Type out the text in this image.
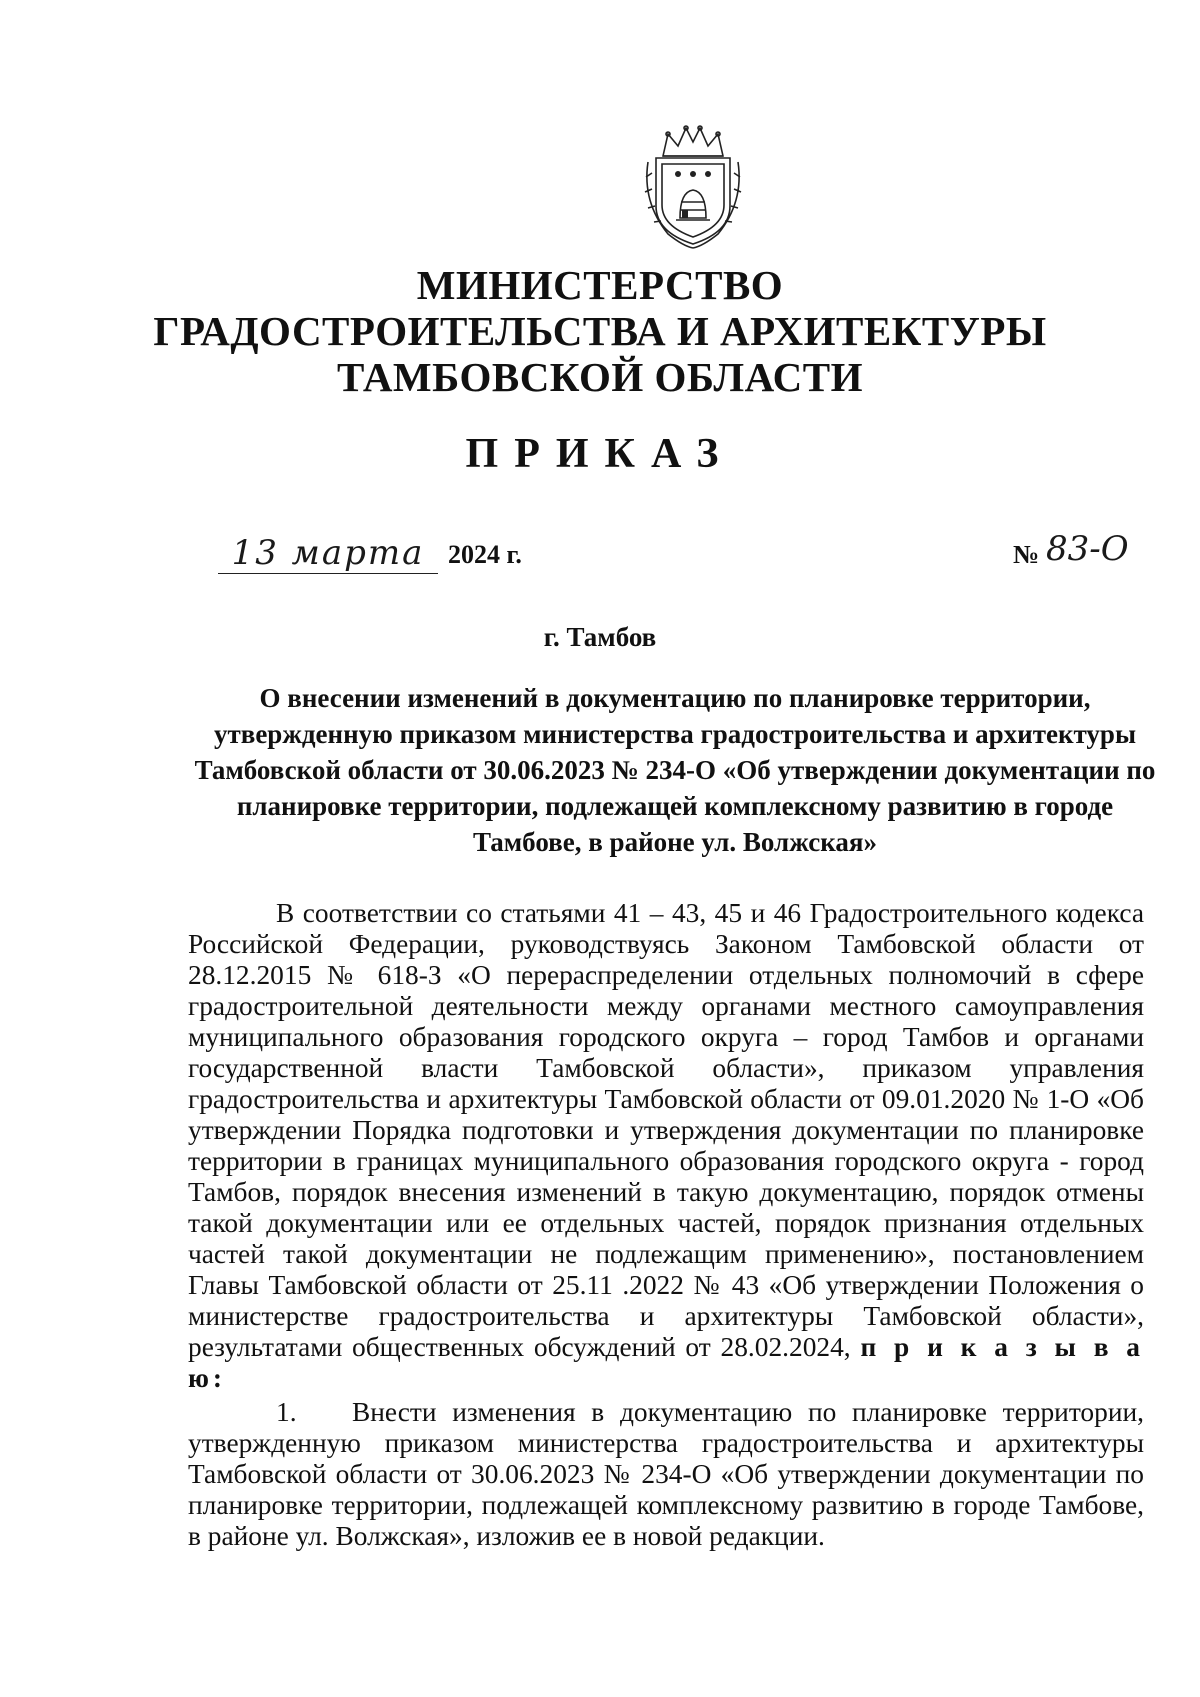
МИНИСТЕРСТВО
ГРАДОСТРОИТЕЛЬСТВА И АРХИТЕКТУРЫ
ТАМБОВСКОЙ ОБЛАСТИ
ПРИКАЗ
13 марта 2024 г.	№ 83-О
г. Тамбов
О внесении изменений в документацию по планировке территории, утвержденную приказом министерства градостроительства и архитектуры Тамбовской области от 30.06.2023 № 234-О «Об утверждении документации по планировке территории, подлежащей комплексному развитию в городе Тамбове, в районе ул. Волжская»

В соответствии со статьями 41 – 43, 45 и 46 Градостроительного кодекса Российской Федерации, руководствуясь Законом Тамбовской области от 28.12.2015 № 618-З «О перераспределении отдельных полномочий в сфере градостроительной деятельности между органами местного самоуправления муниципального образования городского округа – город Тамбов и органами государственной власти Тамбовской области», приказом управления градостроительства и архитектуры Тамбовской области от 09.01.2020 № 1-О «Об утверждении Порядка подготовки и утверждения документации по планировке территории в границах муниципального образования городского округа - город Тамбов, порядок внесения изменений в такую документацию, порядок отмены такой документации или ее отдельных частей, порядок признания отдельных частей такой документации не подлежащим применению», постановлением Главы Тамбовской области от 25.11 .2022 № 43 «Об утверждении Положения о министерстве градостроительства и архитектуры Тамбовской области», результатами общественных обсуждений от 28.02.2024, п р и к а з ы в а ю:

1. Внести изменения в документацию по планировке территории, утвержденную приказом министерства градостроительства и архитектуры Тамбовской области от 30.06.2023 № 234-О «Об утверждении документации по планировке территории, подлежащей комплексному развитию в городе Тамбове, в районе ул. Волжская», изложив ее в новой редакции.
